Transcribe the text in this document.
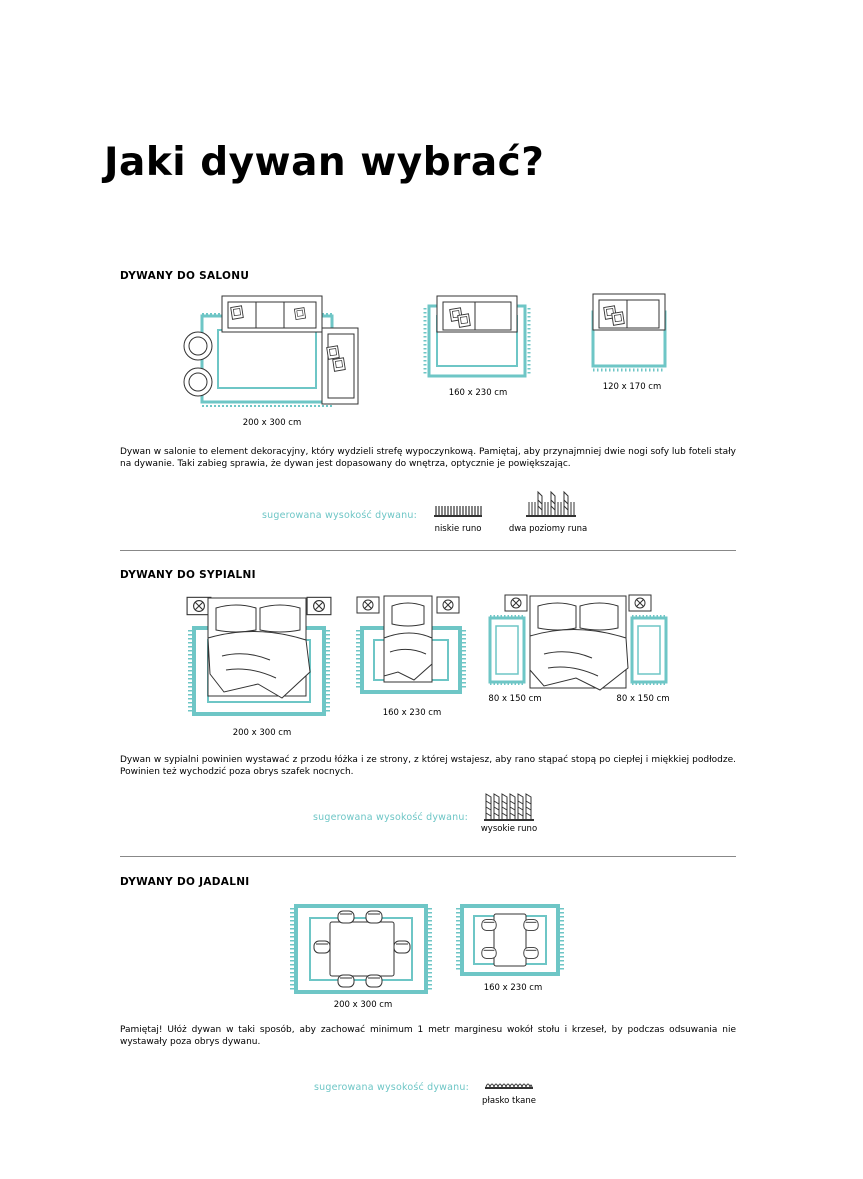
Jaki dywan wybrać?
DYWANY DO SALONU
200 x 300 cm
160 x 230 cm
120 x 170 cm

Dywan w salonie to element dekoracyjny, który wydzieli strefę wypoczynkową. Pamiętaj, aby przynajmniej dwie nogi sofy lub foteli stały na dywanie. Taki zabieg sprawia, że dywan jest dopasowany do wnętrza, optycznie je powiększając.

sugerowana wysokość dywanu:
niskie runo	dwa poziomy runa
DYWANY DO SYPIALNI
200 x 300 cm
160 x 230 cm
80 x 150 cm	80 x 150 cm

Dywan w sypialni powinien wystawać z przodu łóżka i ze strony, z której wstajesz, aby rano stąpać stopą po ciepłej i miękkiej podłodze. Powinien też wychodzić poza obrys szafek nocnych.

sugerowana wysokość dywanu:
wysokie runo
DYWANY DO JADALNI
200 x 300 cm
160 x 230 cm

Pamiętaj! Ułóż dywan w taki sposób, aby zachować minimum 1 metr marginesu wokół stołu i krzeseł, by podczas odsuwania nie wystawały poza obrys dywanu.

sugerowana wysokość dywanu:
płasko tkane
